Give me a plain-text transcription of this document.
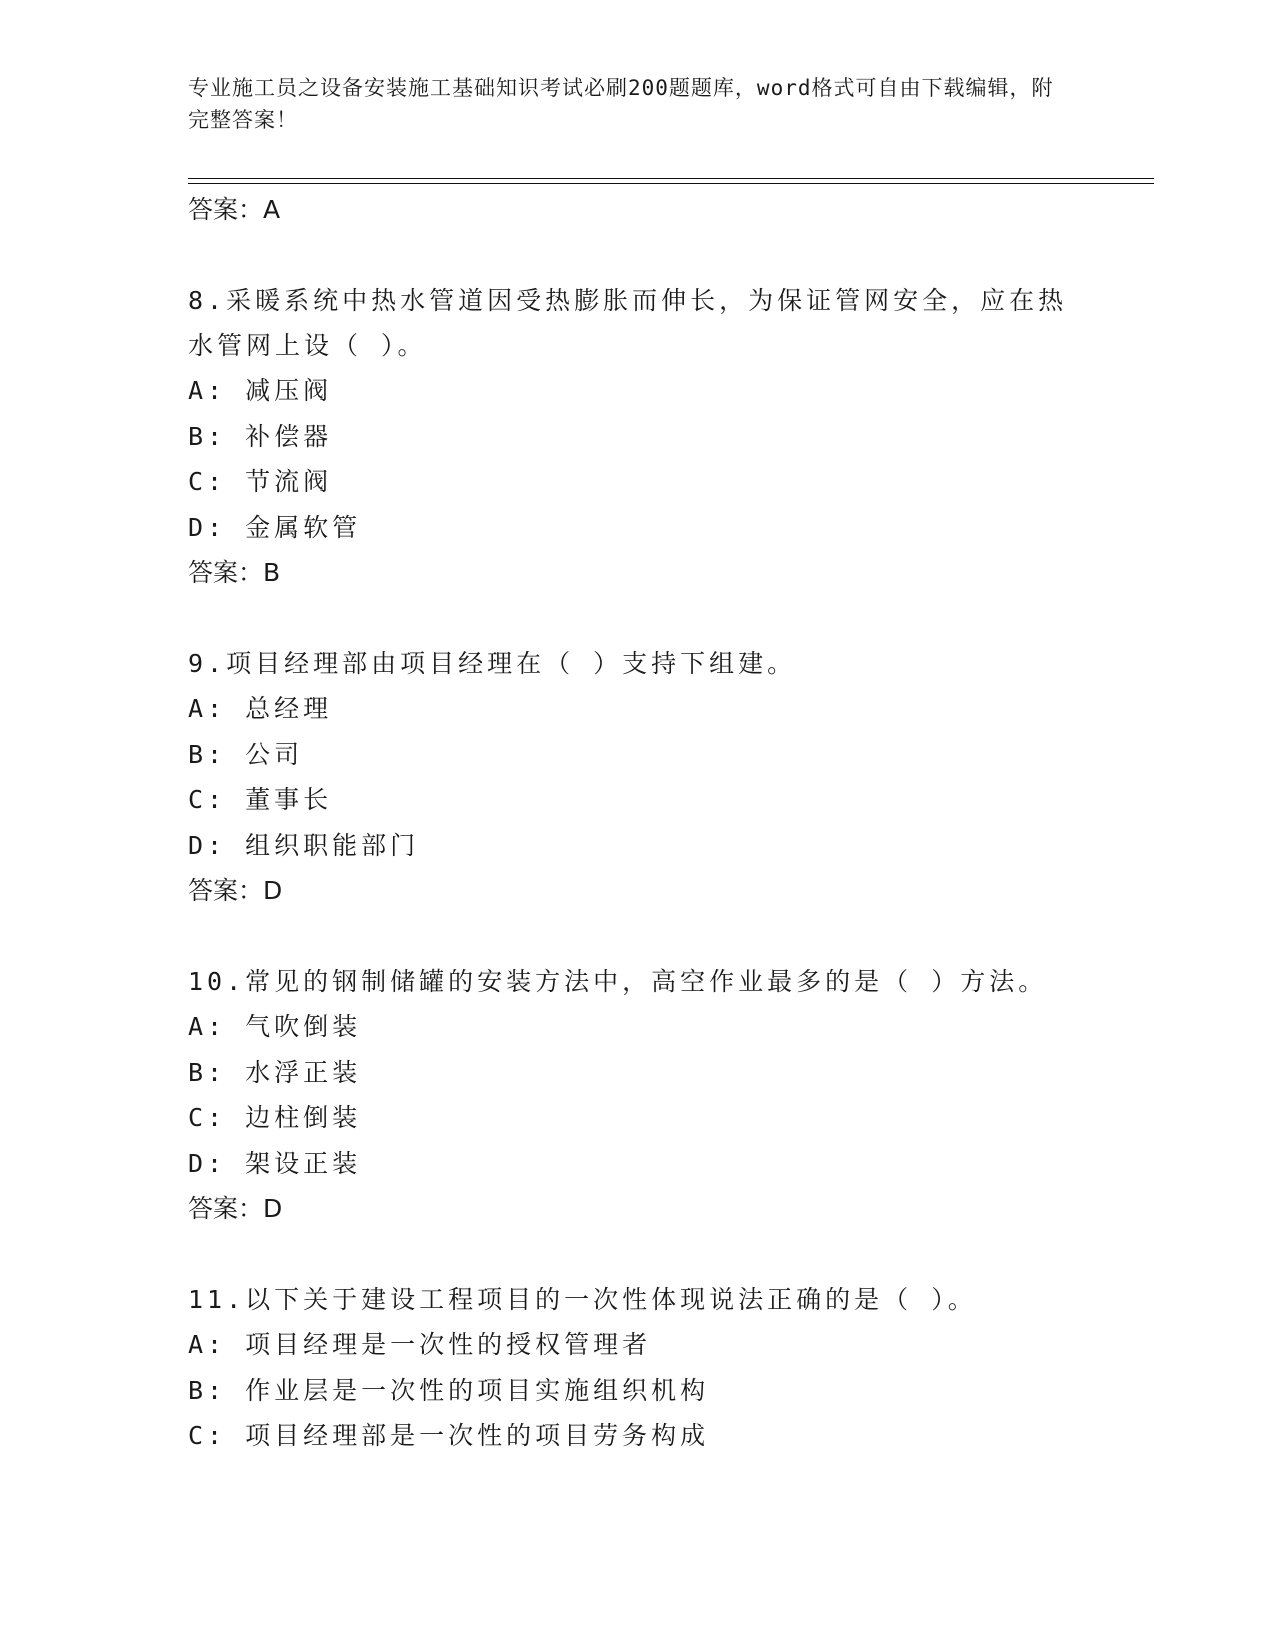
专业施工员之设备安装施工基础知识考试必刷200题题库，word格式可自由下载编辑，附完整答案！

答案：A

8.采暖系统中热水管道因受热膨胀而伸长，为保证管网安全，应在热水管网上设（ ）。

A: 减压阀

B: 补偿器

C: 节流阀

D: 金属软管

答案：B

9.项目经理部由项目经理在（ ）支持下组建。

A: 总经理

B: 公司

C: 董事长

D: 组织职能部门

答案：D

10.常见的钢制储罐的安装方法中，高空作业最多的是（ ）方法。

A: 气吹倒装

B: 水浮正装

C: 边柱倒装

D: 架设正装

答案：D

11.以下关于建设工程项目的一次性体现说法正确的是（ ）。

A: 项目经理是一次性的授权管理者

B: 作业层是一次性的项目实施组织机构

C: 项目经理部是一次性的项目劳务构成
